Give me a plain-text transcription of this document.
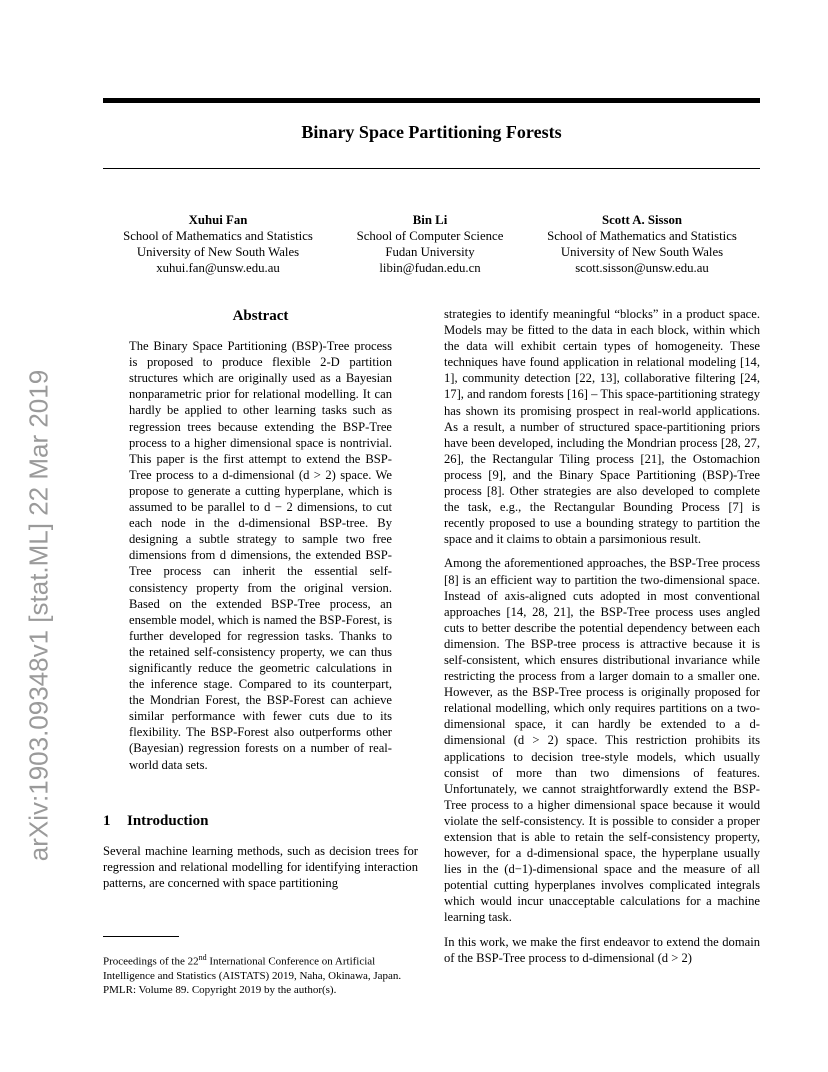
Binary Space Partitioning Forests
Xuhui Fan
School of Mathematics and Statistics
University of New South Wales
xuhui.fan@unsw.edu.au
Bin Li
School of Computer Science
Fudan University
libin@fudan.edu.cn
Scott A. Sisson
School of Mathematics and Statistics
University of New South Wales
scott.sisson@unsw.edu.au
arXiv:1903.09348v1 [stat.ML] 22 Mar 2019
Abstract

The Binary Space Partitioning (BSP)-Tree process is proposed to produce flexible 2-D partition structures which are originally used as a Bayesian nonparametric prior for relational modelling. It can hardly be applied to other learning tasks such as regression trees because extending the BSP-Tree process to a higher dimensional space is nontrivial. This paper is the first attempt to extend the BSP-Tree process to a d-dimensional (d > 2) space. We propose to generate a cutting hyperplane, which is assumed to be parallel to d − 2 dimensions, to cut each node in the d-dimensional BSP-tree. By designing a subtle strategy to sample two free dimensions from d dimensions, the extended BSP-Tree process can inherit the essential self-consistency property from the original version. Based on the extended BSP-Tree process, an ensemble model, which is named the BSP-Forest, is further developed for regression tasks. Thanks to the retained self-consistency property, we can thus significantly reduce the geometric calculations in the inference stage. Compared to its counterpart, the Mondrian Forest, the BSP-Forest can achieve similar performance with fewer cuts due to its flexibility. The BSP-Forest also outperforms other (Bayesian) regression forests on a number of real-world data sets.

1 Introduction

Several machine learning methods, such as decision trees for regression and relational modelling for identifying interaction patterns, are concerned with space partitioning

strategies to identify meaningful “blocks” in a product space. Models may be fitted to the data in each block, within which the data will exhibit certain types of homogeneity. These techniques have found application in relational modeling [14, 1], community detection [22, 13], collaborative filtering [24, 17], and random forests [16] – This space-partitioning strategy has shown its promising prospect in real-world applications. As a result, a number of structured space-partitioning priors have been developed, including the Mondrian process [28, 27, 26], the Rectangular Tiling process [21], the Ostomachion process [9], and the Binary Space Partitioning (BSP)-Tree process [8]. Other strategies are also developed to complete the task, e.g., the Rectangular Bounding Process [7] is recently proposed to use a bounding strategy to partition the space and it claims to obtain a parsimonious result.

Among the aforementioned approaches, the BSP-Tree process [8] is an efficient way to partition the two-dimensional space. Instead of axis-aligned cuts adopted in most conventional approaches [14, 28, 21], the BSP-Tree process uses angled cuts to better describe the potential dependency between each dimension. The BSP-tree process is attractive because it is self-consistent, which ensures distributional invariance while restricting the process from a larger domain to a smaller one. However, as the BSP-Tree process is originally proposed for relational modelling, which only requires partitions on a two-dimensional space, it can hardly be extended to a d-dimensional (d > 2) space. This restriction prohibits its applications to decision tree-style models, which usually consist of more than two dimensions of features. Unfortunately, we cannot straightforwardly extend the BSP-Tree process to a higher dimensional space because it would violate the self-consistency. It is possible to consider a proper extension that is able to retain the self-consistency property, however, for a d-dimensional space, the hyperplane usually lies in the (d−1)-dimensional space and the measure of all potential cutting hyperplanes involves complicated integrals which would incur unacceptable calculations for a machine learning task.

In this work, we make the first endeavor to extend the domain of the BSP-Tree process to d-dimensional (d > 2)

Proceedings of the 22nd International Conference on Artificial Intelligence and Statistics (AISTATS) 2019, Naha, Okinawa, Japan. PMLR: Volume 89. Copyright 2019 by the author(s).
